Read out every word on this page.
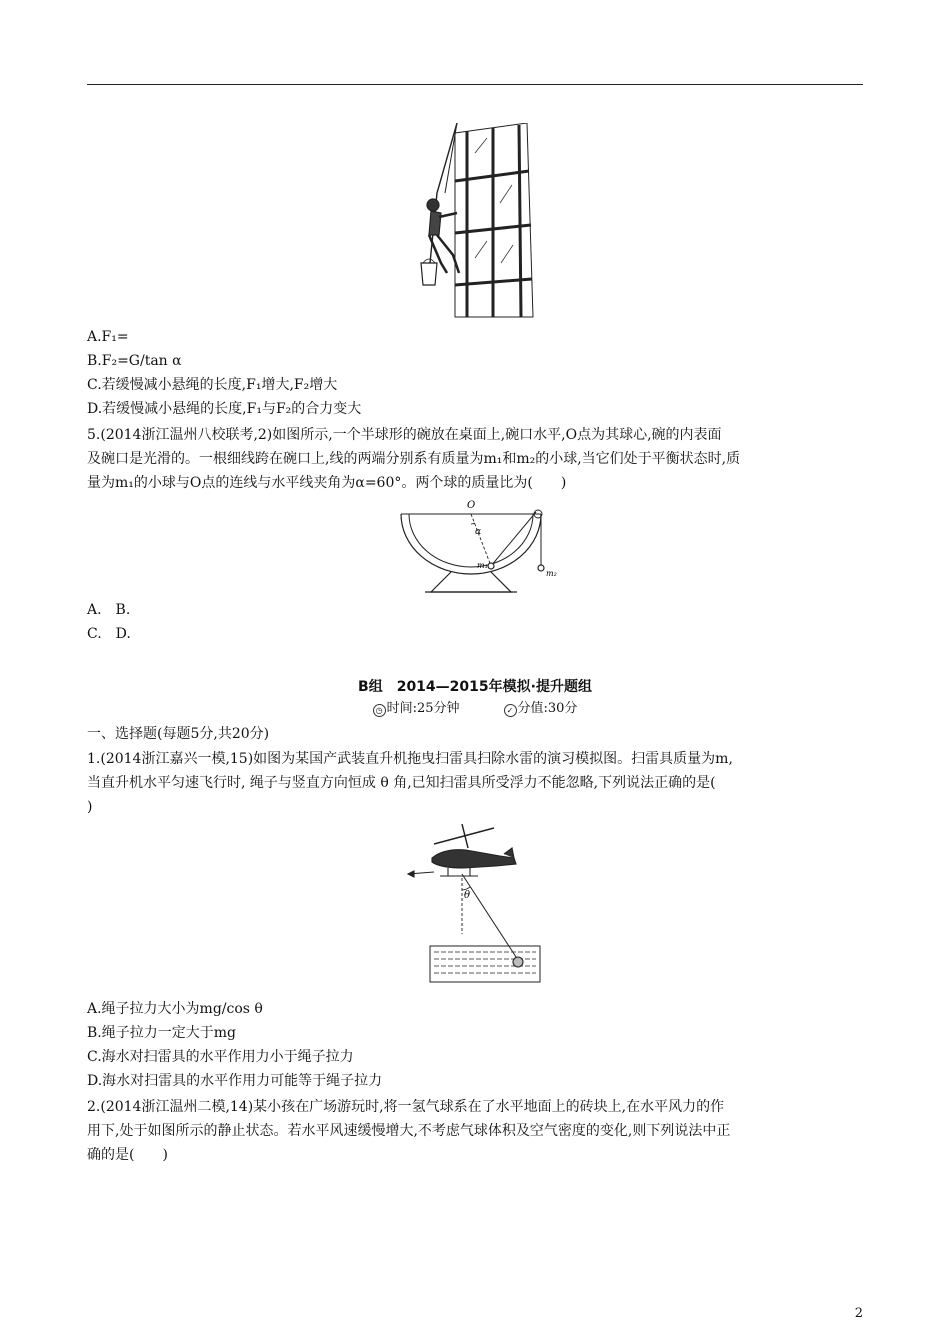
A.F₁=
B.F₂=G/tan α
C.若缓慢减小悬绳的长度,F₁增大,F₂增大
D.若缓慢减小悬绳的长度,F₁与F₂的合力变大
5.(2014浙江温州八校联考,2)如图所示,一个半球形的碗放在桌面上,碗口水平,O点为其球心,碗的内表面
及碗口是光滑的。一根细线跨在碗口上,线的两端分别系有质量为m₁和m₂的小球,当它们处于平衡状态时,质
量为m₁的小球与O点的连线与水平线夹角为α=60°。两个球的质量比为(　　)
O
α
m₁
m₂
A.　B.
C.　D.
B组　2014—2015年模拟·提升题组
◷ 时间:25分钟	✓ 分值:30分
一、选择题(每题5分,共20分)
1.(2014浙江嘉兴一模,15)如图为某国产武装直升机拖曳扫雷具扫除水雷的演习模拟图。扫雷具质量为m,
当直升机水平匀速飞行时, 绳子与竖直方向恒成 θ 角,已知扫雷具所受浮力不能忽略,下列说法正确的是(
)
θ
A.绳子拉力大小为mg/cos θ
B.绳子拉力一定大于mg
C.海水对扫雷具的水平作用力小于绳子拉力
D.海水对扫雷具的水平作用力可能等于绳子拉力
2.(2014浙江温州二模,14)某小孩在广场游玩时,将一氢气球系在了水平地面上的砖块上,在水平风力的作
用下,处于如图所示的静止状态。若水平风速缓慢增大,不考虑气球体积及空气密度的变化,则下列说法中正
确的是(　　)
2
